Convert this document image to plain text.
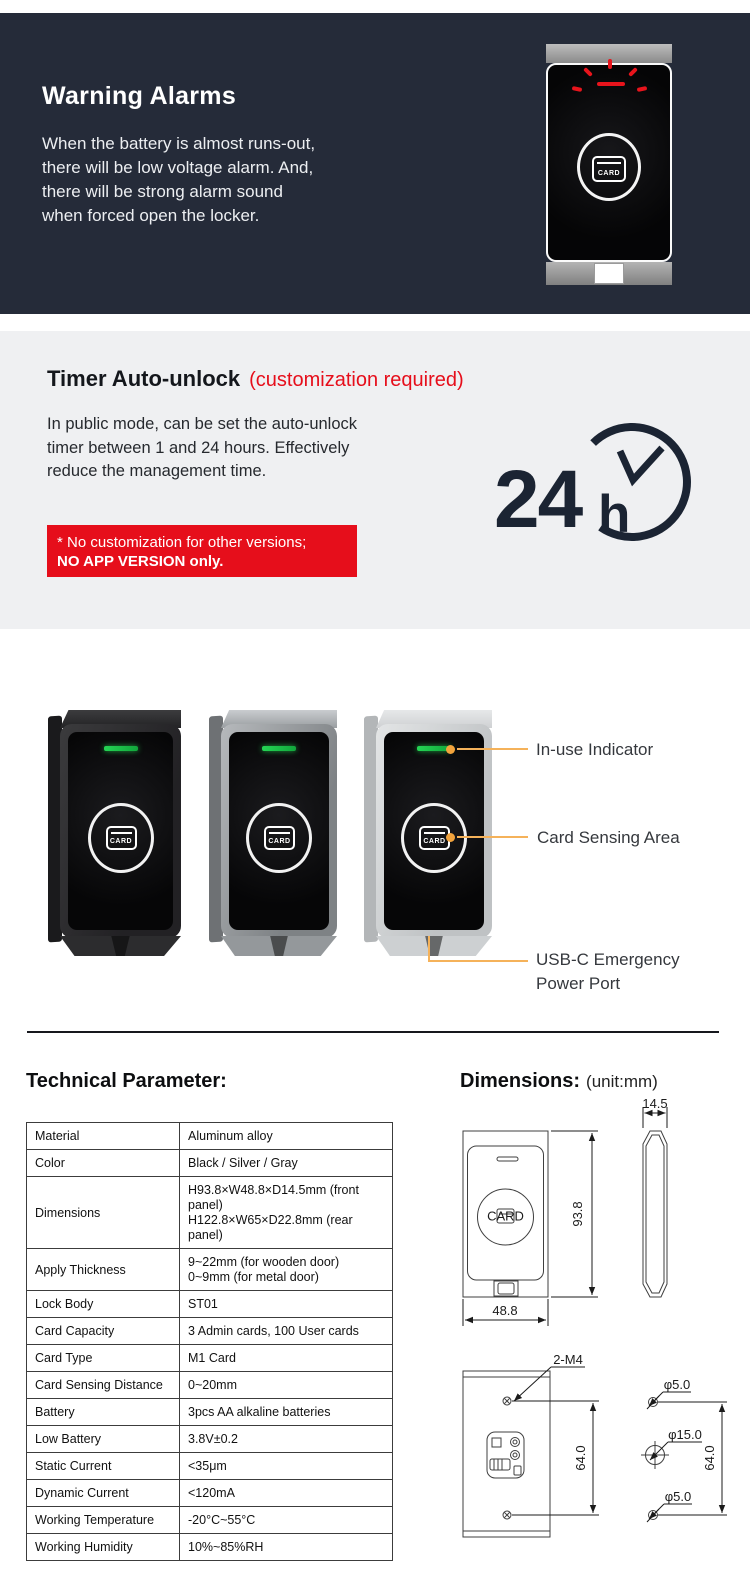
Warning Alarms
When the battery is almost runs-out,
there will be low voltage alarm. And,
there will be strong alarm sound
when forced open the locker.
CARD
Timer Auto-unlock (customization required)
In public mode, can be set the auto-unlock
timer between 1 and 24 hours. Effectively
reduce the management time.
* No customization for other versions;
NO APP VERSION only.
24 h
CARD	CARD	CARD
In-use Indicator
Card Sensing Area
USB-C Emergency Power Port
Technical Parameter:	Dimensions: (unit:mm)
Material	Aluminum alloy
Color	Black / Silver / Gray
Dimensions	H93.8×W48.8×D14.5mm (front panel)
H122.8×W65×D22.8mm (rear panel)

Apply Thickness	9~22mm (for wooden door)
0~9mm (for metal door)

Lock Body	ST01
Card Capacity	3 Admin cards, 100 User cards
Card Type	M1 Card
Card Sensing Distance	0~20mm
Battery	3pcs AA alkaline batteries
Low Battery	3.8V±0.2
Static Current	<35μm
Dynamic Current	<120mA
Working Temperature	-20°C~55°C
Working Humidity	10%~85%RH
CARD	93.8
48.8
14.5
2-M4
64.0
φ5.0
φ15.0
φ5.0
64.0
